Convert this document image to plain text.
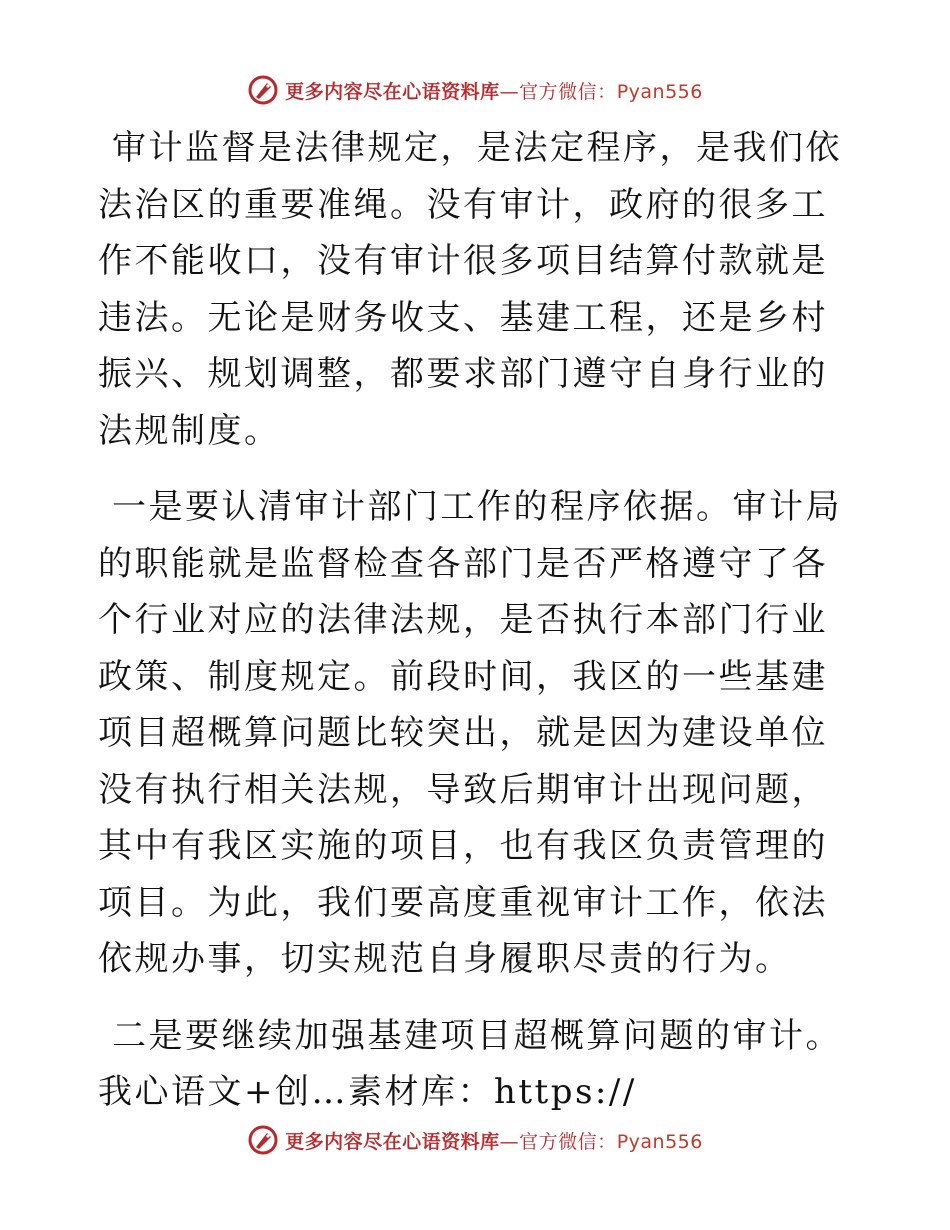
更多内容尽在心语资料库—官方微信：Pyan556

审计监督是法律规定，是法定程序，是我们依法治区的重要准绳。没有审计，政府的很多工作不能收口，没有审计很多项目结算付款就是违法。无论是财务收支、基建工程，还是乡村振兴、规划调整，都要求部门遵守自身行业的法规制度。

一是要认清审计部门工作的程序依据。审计局的职能就是监督检查各部门是否严格遵守了各个行业对应的法律法规，是否执行本部门行业政策、制度规定。前段时间，我区的一些基建项目超概算问题比较突出，就是因为建设单位没有执行相关法规，导致后期审计出现问题，其中有我区实施的项目，也有我区负责管理的项目。为此，我们要高度重视审计工作，依法依规办事，切实规范自身履职尽责的行为。

二是要继续加强基建项目超概算问题的审计。我心语文+创…素材库：https://

更多内容尽在心语资料库—官方微信：Pyan556
